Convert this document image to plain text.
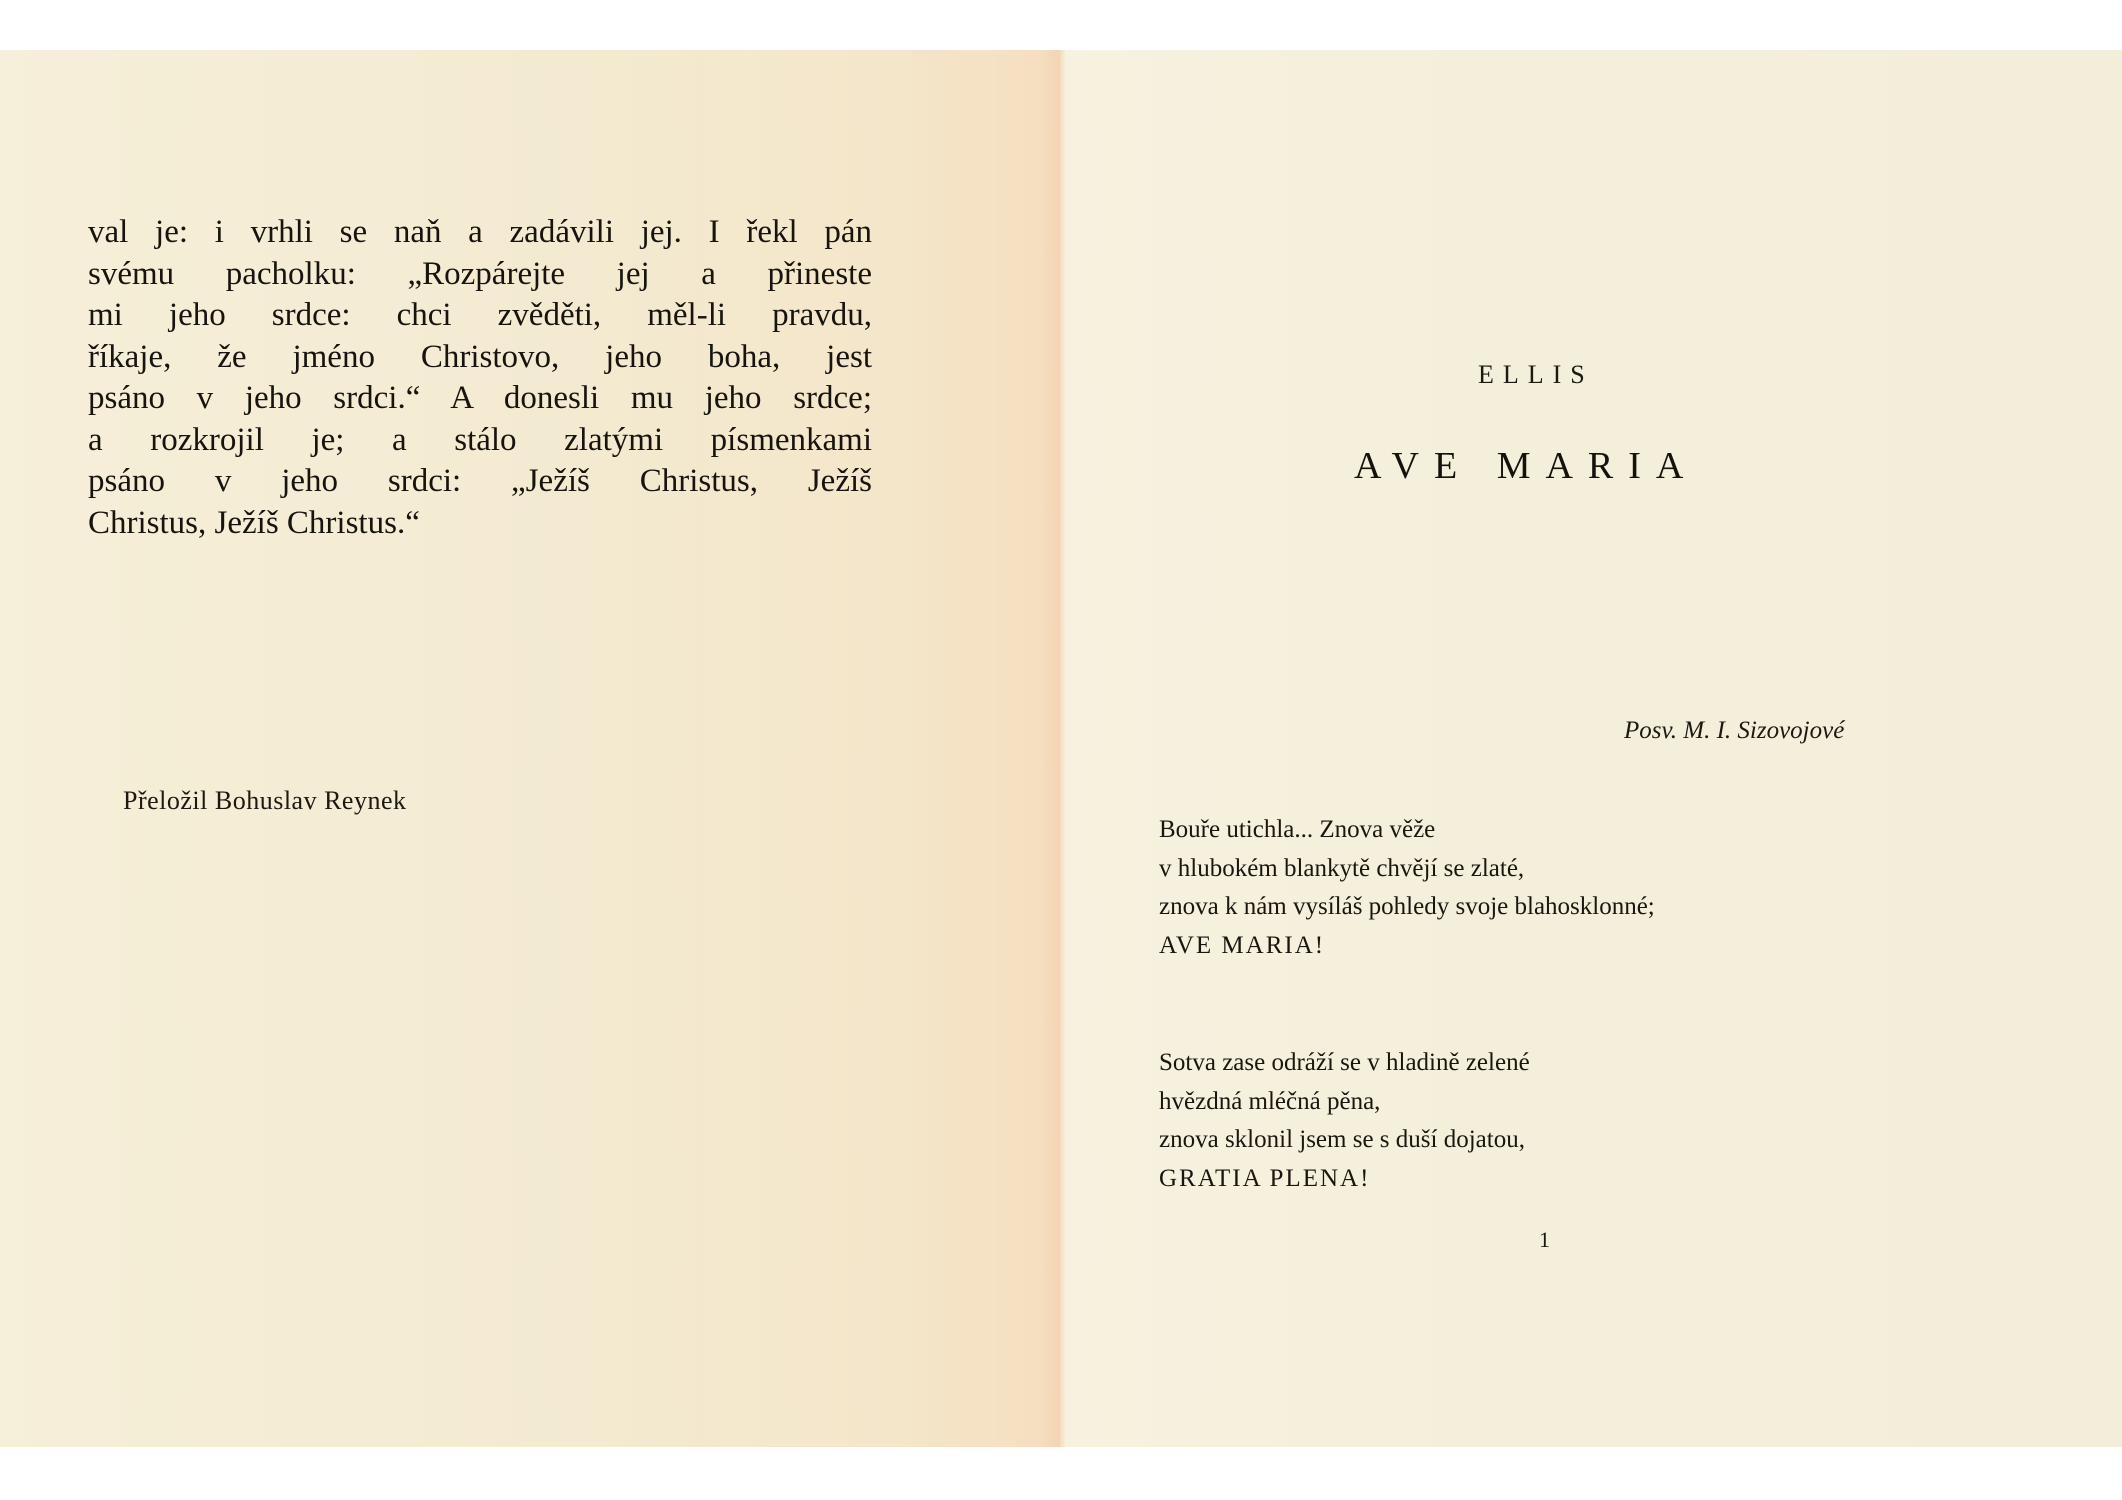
val je: i vrhli se naň a zadávili jej. I řekl pán
svému pacholku: „Rozpárejte jej a přineste
mi jeho srdce: chci zvěděti, měl-li pravdu,
říkaje, že jméno Christovo, jeho boha, jest
psáno v jeho srdci.“ A donesli mu jeho srdce;
a rozkrojil je; a stálo zlatými písmenkami
psáno v jeho srdci: „Ježíš Christus, Ježíš
Christus, Ježíš Christus.“

Přeložil Bohuslav Reynek

ELLIS

AVE MARIA

Posv. M. I. Sizovojové

Bouře utichla... Znova věže
v hlubokém blankytě chvějí se zlaté,
znova k nám vysíláš pohledy svoje blahosklonné;
AVE MARIA!
Sotva zase odráží se v hladině zelené
hvězdná mléčná pěna,
znova sklonil jsem se s duší dojatou,
GRATIA PLENA!

1
